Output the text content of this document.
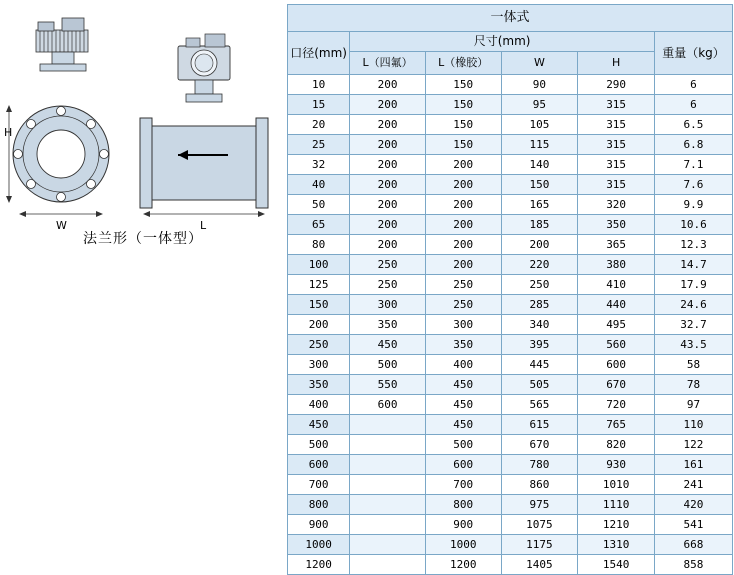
H
W	L
法兰形（一体型）
一体式					
口径(mm)	尺寸(mm)				重量（kg）
	L（四氟）	L（橡胶）	W	H	
10	200	150	90	290	6
15	200	150	95	315	6
20	200	150	105	315	6.5
25	200	150	115	315	6.8
32	200	200	140	315	7.1
40	200	200	150	315	7.6
50	200	200	165	320	9.9
65	200	200	185	350	10.6
80	200	200	200	365	12.3
100	250	200	220	380	14.7
125	250	250	250	410	17.9
150	300	250	285	440	24.6
200	350	300	340	495	32.7
250	450	350	395	560	43.5
300	500	400	445	600	58
350	550	450	505	670	78
400	600	450	565	720	97
450		450	615	765	110
500		500	670	820	122
600		600	780	930	161
700		700	860	1010	241
800		800	975	1110	420
900		900	1075	1210	541
1000		1000	1175	1310	668
1200		1200	1405	1540	858
